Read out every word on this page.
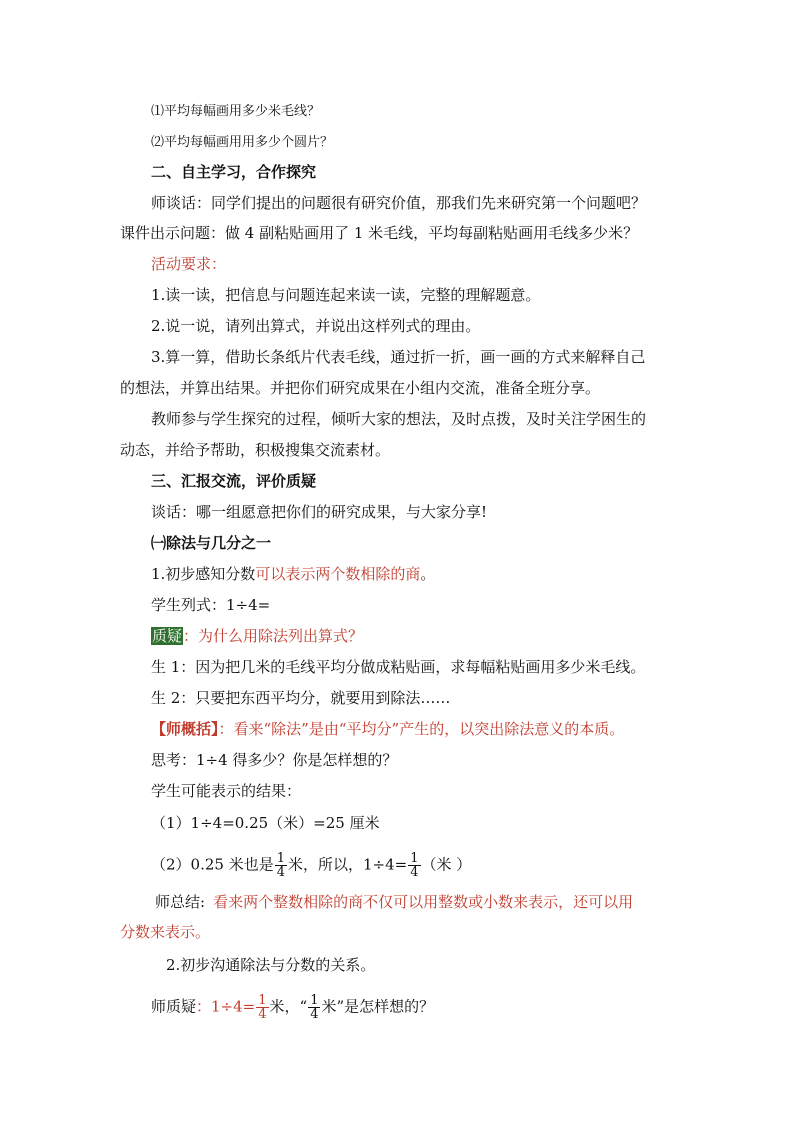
⑴平均每幅画用多少米毛线？
⑵平均每幅画用用多少个圆片？
二、自主学习，合作探究
师谈话：同学们提出的问题很有研究价值，那我们先来研究第一个问题吧？
课件出示问题：做 4 副粘贴画用了 1 米毛线，平均每副粘贴画用毛线多少米？
活动要求：
1.读一读，把信息与问题连起来读一读，完整的理解题意。
2.说一说，请列出算式，并说出这样列式的理由。
3.算一算，借助长条纸片代表毛线，通过折一折，画一画的方式来解释自己
的想法，并算出结果。并把你们研究成果在小组内交流，准备全班分享。
教师参与学生探究的过程，倾听大家的想法，及时点拨，及时关注学困生的
动态，并给予帮助，积极搜集交流素材。
三、汇报交流，评价质疑
谈话：哪一组愿意把你们的研究成果，与大家分享!
㈠除法与几分之一
1.初步感知分数可以表示两个数相除的商。
学生列式：1÷4=
质疑：为什么用除法列出算式？
生 1：因为把几米的毛线平均分做成粘贴画，求每幅粘贴画用多少米毛线。
生 2：只要把东西平均分，就要用到除法……
【师概括】：看来“除法”是由“平均分”产生的，以突出除法意义的本质。
思考：1÷4 得多少？你是怎样想的？
学生可能表示的结果：
（1）1÷4=0.25（米）=25 厘米
（2）0.25 米也是 $\frac{1}{4}$ 米，所以，$1\div 4= \frac{1}{4}$ （米 ）
师总结: 看来两个整数相除的商不仅可以用整数或小数来表示，还可以用
分数来表示。
2.初步沟通除法与分数的关系。
师质疑：$1\div 4= \frac{1}{4}$ 米，“ $\frac{1}{4}$ 米”是怎样想的？
